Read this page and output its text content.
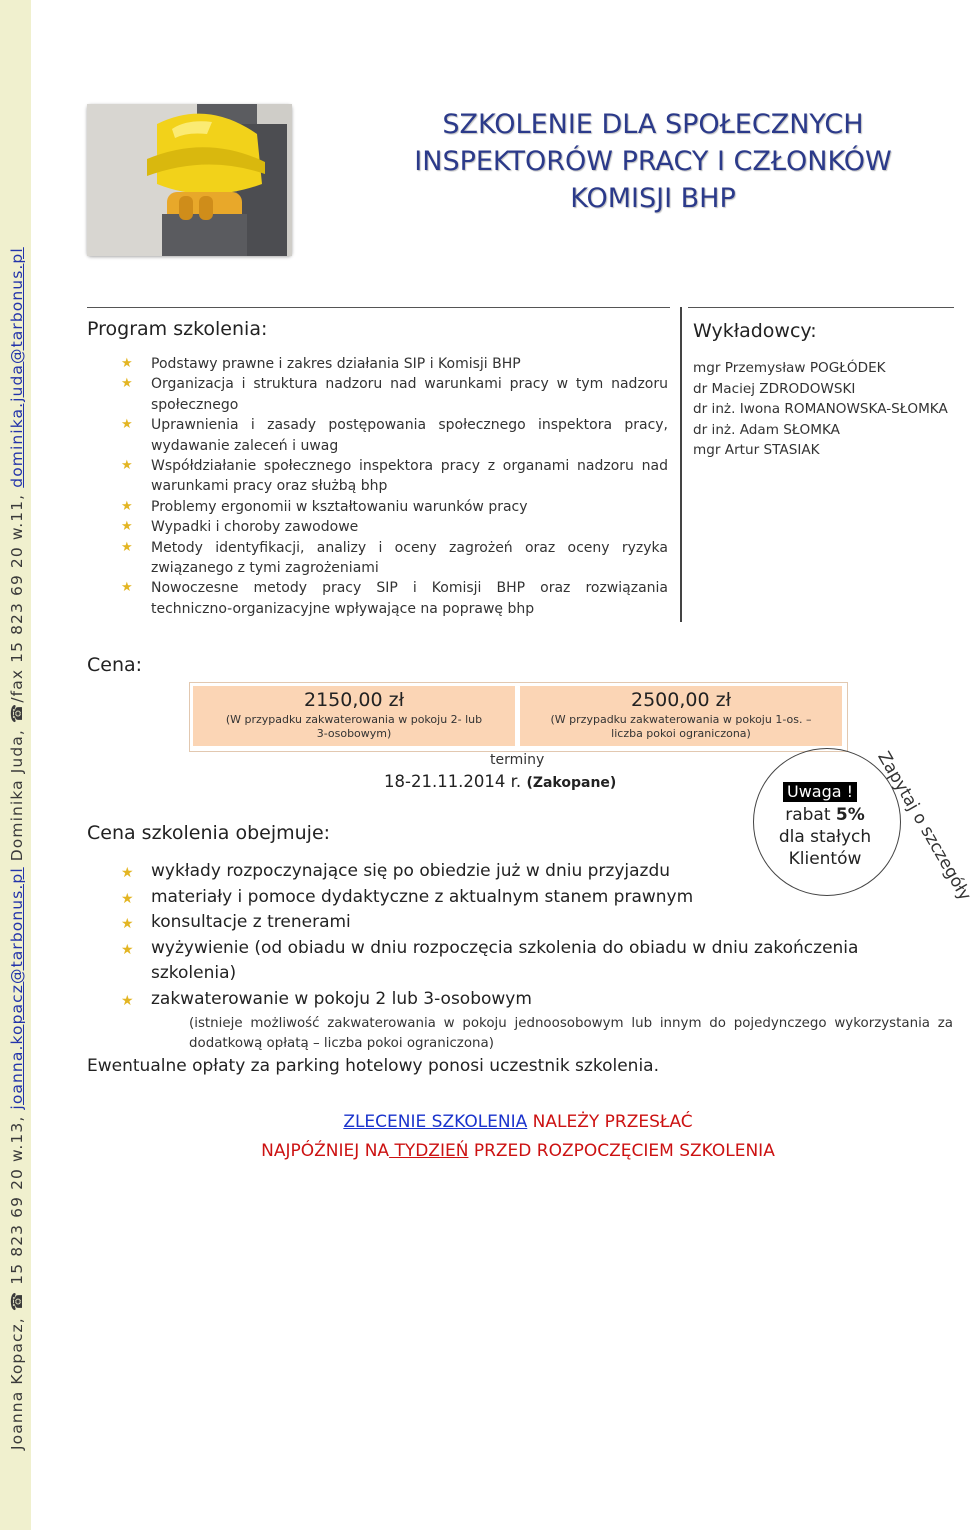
Joanna Kopacz, ☎ 15 823 69 20 w.13, joanna.kopacz@tarbonus.pl Dominika Juda, ☎/fax 15 823 69 20 w.11, dominika.juda@tarbonus.pl
SZKOLENIE DLA SPOŁECZNYCH
INSPEKTORÓW PRACY I CZŁONKÓW
KOMISJI BHP
Program szkolenia:
★ Podstawy prawne i zakres działania SIP i Komisji BHP
★ Organizacja i struktura nadzoru nad warunkami pracy w tym nadzoru społecznego
★ Uprawnienia i zasady postępowania społecznego inspektora pracy, wydawanie zaleceń i uwag
★ Współdziałanie społecznego inspektora pracy z organami nadzoru nad warunkami pracy oraz służbą bhp
★ Problemy ergonomii w kształtowaniu warunków pracy
★ Wypadki i choroby zawodowe
★ Metody identyfikacji, analizy i oceny zagrożeń oraz oceny ryzyka związanego z tymi zagrożeniami
★ Nowoczesne metody pracy SIP i Komisji BHP oraz rozwiązania techniczno-organizacyjne wpływające na poprawę bhp
Wykładowcy:
mgr Przemysław POGŁÓDEK
dr Maciej ZDRODOWSKI
dr inż. Iwona ROMANOWSKA-SŁOMKA
dr inż. Adam SŁOMKA
mgr Artur STASIAK
Cena:
2150,00 zł
(W przypadku zakwaterowania w pokoju 2- lub 3-osobowym)
2500,00 zł
(W przypadku zakwaterowania w pokoju 1-os. – liczba pokoi ograniczona)
terminy
18-21.11.2014 r. (Zakopane)	Uwaga !
rabat 5%
dla stałych
Klientów Zapytaj o szczegóły
Cena szkolenia obejmuje:
★ wykłady rozpoczynające się po obiedzie już w dniu przyjazdu
★ materiały i pomoce dydaktyczne z aktualnym stanem prawnym
★ konsultacje z trenerami
★ wyżywienie (od obiadu w dniu rozpoczęcia szkolenia do obiadu w dniu zakończenia szkolenia)
★ zakwaterowanie w pokoju 2 lub 3-osobowym
(istnieje możliwość zakwaterowania w pokoju jednoosobowym lub innym do pojedynczego wykorzystania za dodatkową opłatą – liczba pokoi ograniczona)
Ewentualne opłaty za parking hotelowy ponosi uczestnik szkolenia.
ZLECENIE SZKOLENIA NALEŻY PRZESŁAĆ
NAJPÓŹNIEJ NA TYDZIEŃ PRZED ROZPOCZĘCIEM SZKOLENIA
